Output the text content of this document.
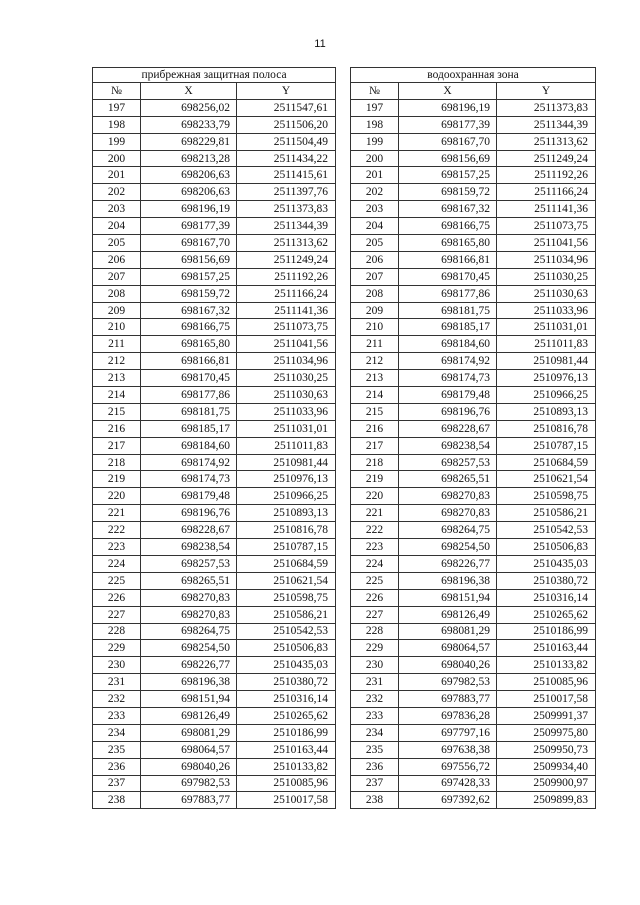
11
прибрежная защитная полоса		
№	X	Y
197	698256,02	2511547,61
198	698233,79	2511506,20
199	698229,81	2511504,49
200	698213,28	2511434,22
201	698206,63	2511415,61
202	698206,63	2511397,76
203	698196,19	2511373,83
204	698177,39	2511344,39
205	698167,70	2511313,62
206	698156,69	2511249,24
207	698157,25	2511192,26
208	698159,72	2511166,24
209	698167,32	2511141,36
210	698166,75	2511073,75
211	698165,80	2511041,56
212	698166,81	2511034,96
213	698170,45	2511030,25
214	698177,86	2511030,63
215	698181,75	2511033,96
216	698185,17	2511031,01
217	698184,60	2511011,83
218	698174,92	2510981,44
219	698174,73	2510976,13
220	698179,48	2510966,25
221	698196,76	2510893,13
222	698228,67	2510816,78
223	698238,54	2510787,15
224	698257,53	2510684,59
225	698265,51	2510621,54
226	698270,83	2510598,75
227	698270,83	2510586,21
228	698264,75	2510542,53
229	698254,50	2510506,83
230	698226,77	2510435,03
231	698196,38	2510380,72
232	698151,94	2510316,14
233	698126,49	2510265,62
234	698081,29	2510186,99
235	698064,57	2510163,44
236	698040,26	2510133,82
237	697982,53	2510085,96
238	697883,77	2510017,58
водоохранная зона		
№	X	Y
197	698196,19	2511373,83
198	698177,39	2511344,39
199	698167,70	2511313,62
200	698156,69	2511249,24
201	698157,25	2511192,26
202	698159,72	2511166,24
203	698167,32	2511141,36
204	698166,75	2511073,75
205	698165,80	2511041,56
206	698166,81	2511034,96
207	698170,45	2511030,25
208	698177,86	2511030,63
209	698181,75	2511033,96
210	698185,17	2511031,01
211	698184,60	2511011,83
212	698174,92	2510981,44
213	698174,73	2510976,13
214	698179,48	2510966,25
215	698196,76	2510893,13
216	698228,67	2510816,78
217	698238,54	2510787,15
218	698257,53	2510684,59
219	698265,51	2510621,54
220	698270,83	2510598,75
221	698270,83	2510586,21
222	698264,75	2510542,53
223	698254,50	2510506,83
224	698226,77	2510435,03
225	698196,38	2510380,72
226	698151,94	2510316,14
227	698126,49	2510265,62
228	698081,29	2510186,99
229	698064,57	2510163,44
230	698040,26	2510133,82
231	697982,53	2510085,96
232	697883,77	2510017,58
233	697836,28	2509991,37
234	697797,16	2509975,80
235	697638,38	2509950,73
236	697556,72	2509934,40
237	697428,33	2509900,97
238	697392,62	2509899,83
